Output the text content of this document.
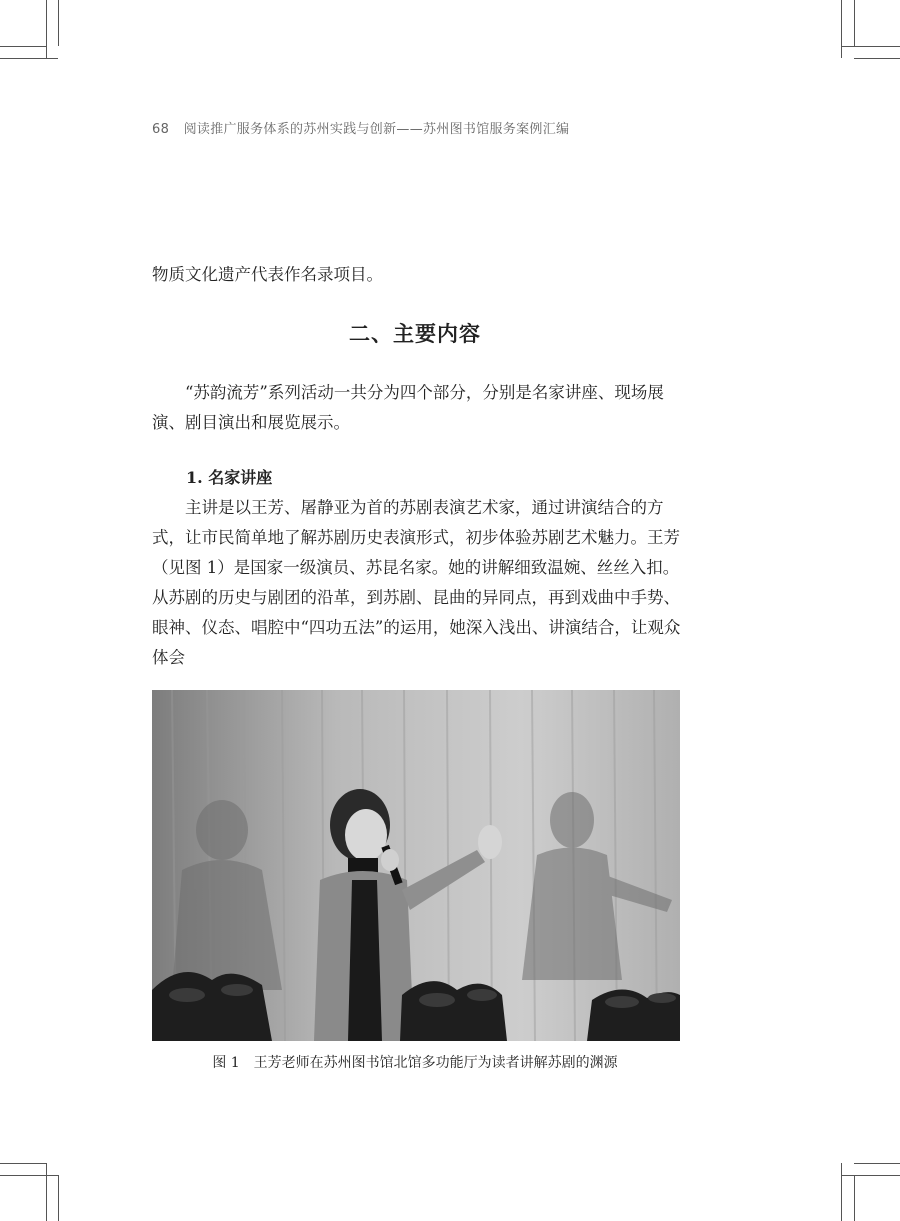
68 阅读推广服务体系的苏州实践与创新——苏州图书馆服务案例汇编

物质文化遗产代表作名录项目。

二、主要内容

“苏韵流芳”系列活动一共分为四个部分，分别是名家讲座、现场展演、剧目演出和展览展示。

1. 名家讲座

主讲是以王芳、屠静亚为首的苏剧表演艺术家，通过讲演结合的方式，让市民简单地了解苏剧历史表演形式，初步体验苏剧艺术魅力。王芳（见图 1）是国家一级演员、苏昆名家。她的讲解细致温婉、丝丝入扣。从苏剧的历史与剧团的沿革，到苏剧、昆曲的异同点，再到戏曲中手势、眼神、仪态、唱腔中“四功五法”的运用，她深入浅出、讲演结合，让观众体会

图 1 王芳老师在苏州图书馆北馆多功能厅为读者讲解苏剧的渊源
